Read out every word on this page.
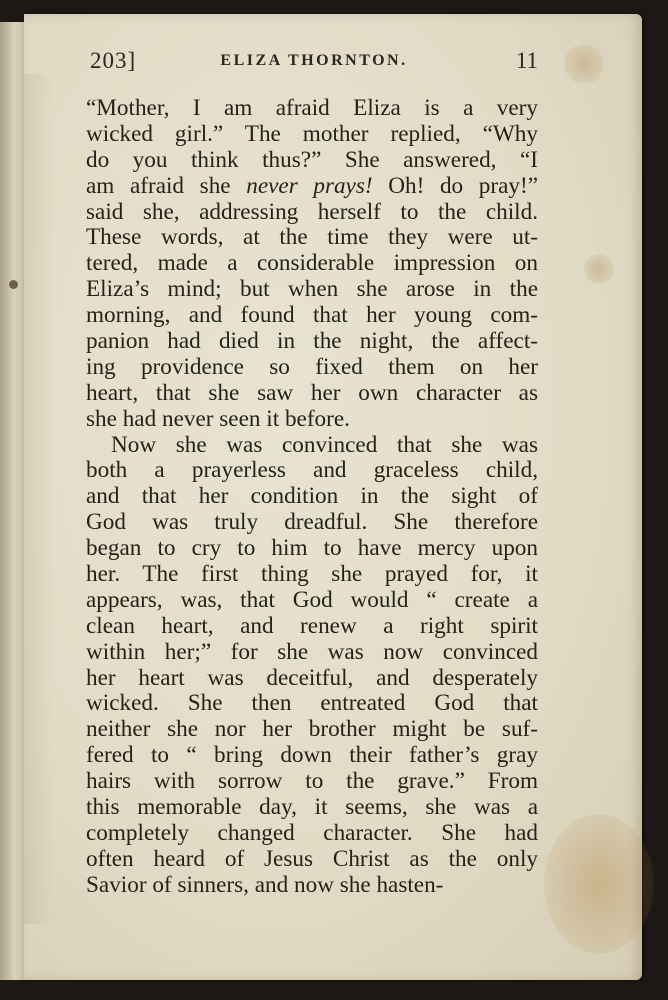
203]	ELIZA THORNTON.	11
“Mother, I am afraid Eliza is a very
wicked girl.” The mother replied, “Why
do you think thus?” She answered, “I
am afraid she never prays! Oh! do pray!”
said she, addressing herself to the child.
These words, at the time they were ut-
tered, made a considerable impression on
Eliza’s mind; but when she arose in the
morning, and found that her young com-
panion had died in the night, the affect-
ing providence so fixed them on her
heart, that she saw her own character as
she had never seen it before.
Now she was convinced that she was
both a prayerless and graceless child,
and that her condition in the sight of
God was truly dreadful. She therefore
began to cry to him to have mercy upon
her. The first thing she prayed for, it
appears, was, that God would “ create a
clean heart, and renew a right spirit
within her;” for she was now convinced
her heart was deceitful, and desperately
wicked. She then entreated God that
neither she nor her brother might be suf-
fered to “ bring down their father’s gray
hairs with sorrow to the grave.” From
this memorable day, it seems, she was a
completely changed character. She had
often heard of Jesus Christ as the only
Savior of sinners, and now she hasten-
